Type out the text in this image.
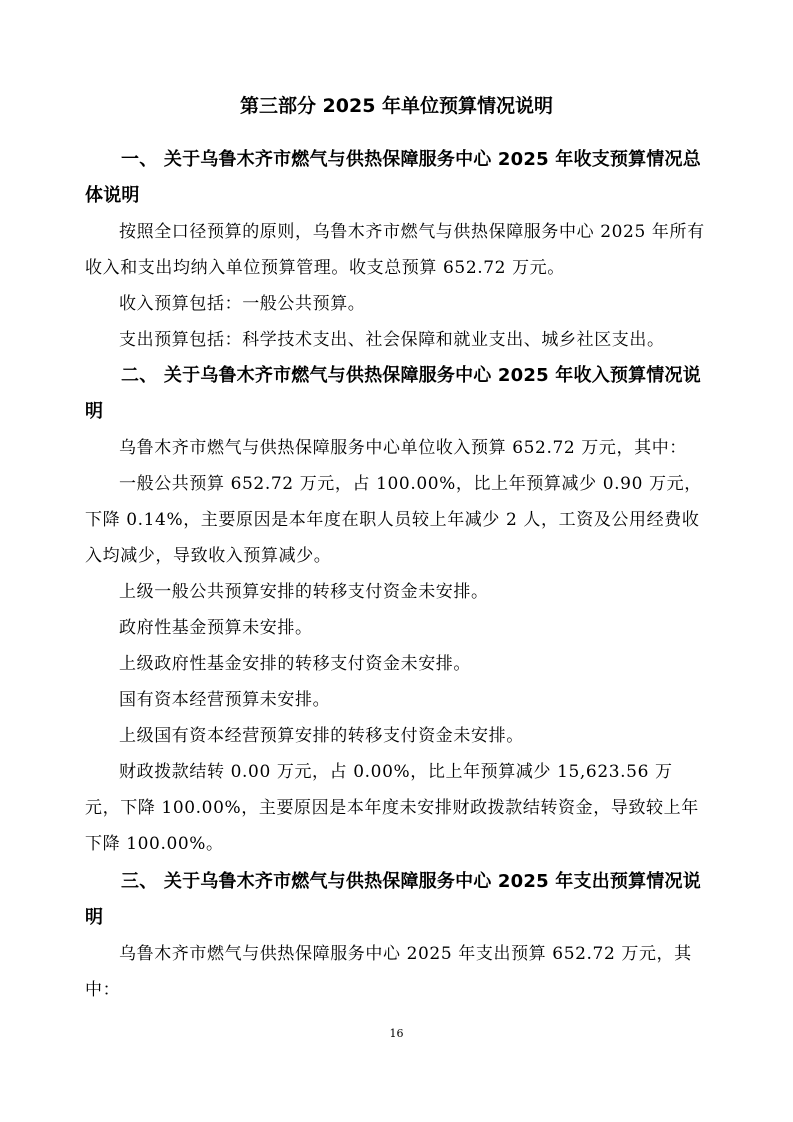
第三部分 2025 年单位预算情况说明

一、 关于乌鲁木齐市燃气与供热保障服务中心 2025 年收支预算情况总体说明

按照全口径预算的原则，乌鲁木齐市燃气与供热保障服务中心 2025 年所有收入和支出均纳入单位预算管理。收支总预算 652.72 万元。

收入预算包括：一般公共预算。

支出预算包括：科学技术支出、社会保障和就业支出、城乡社区支出。

二、 关于乌鲁木齐市燃气与供热保障服务中心 2025 年收入预算情况说明

乌鲁木齐市燃气与供热保障服务中心单位收入预算 652.72 万元，其中：

一般公共预算 652.72 万元，占 100.00%，比上年预算减少 0.90 万元，下降 0.14%，主要原因是本年度在职人员较上年减少 2 人，工资及公用经费收入均减少，导致收入预算减少。

上级一般公共预算安排的转移支付资金未安排。

政府性基金预算未安排。

上级政府性基金安排的转移支付资金未安排。

国有资本经营预算未安排。

上级国有资本经营预算安排的转移支付资金未安排。

财政拨款结转 0.00 万元，占 0.00%，比上年预算减少 15,623.56 万元，下降 100.00%，主要原因是本年度未安排财政拨款结转资金，导致较上年下降 100.00%。

三、 关于乌鲁木齐市燃气与供热保障服务中心 2025 年支出预算情况说明

乌鲁木齐市燃气与供热保障服务中心 2025 年支出预算 652.72 万元，其中：

16
